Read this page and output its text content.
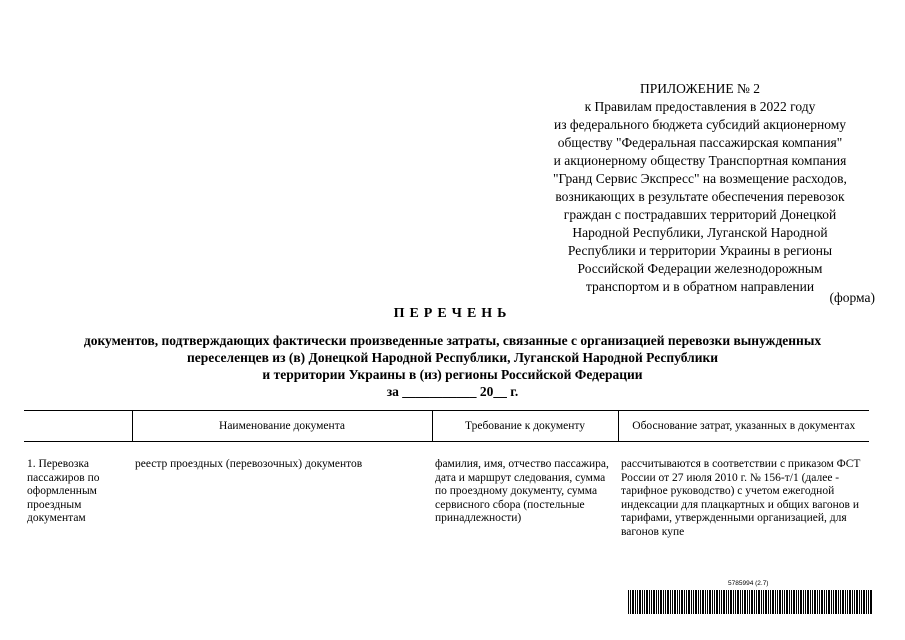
ПРИЛОЖЕНИЕ № 2
к Правилам предоставления в 2022 году
из федерального бюджета субсидий акционерному
обществу "Федеральная пассажирская компания"
и акционерному обществу Транспортная компания
"Гранд Сервис Экспресс" на возмещение расходов,
возникающих в результате обеспечения перевозок
граждан с пострадавших территорий Донецкой
Народной Республики, Луганской Народной
Республики и территории Украины в регионы
Российской Федерации железнодорожным
транспортом и в обратном направлении
(форма)
ПЕРЕЧЕНЬ
документов, подтверждающих фактически произведенные затраты, связанные с организацией перевозки вынужденных
переселенцев из (в) Донецкой Народной Республики, Луганской Народной Республики
и территории Украины в (из) регионы Российской Федерации
за ___________ 20__ г.
	Наименование документа	Требование к документу	Обоснование затрат, указанных в документах
1. Перевозка пассажиров по оформленным проездным документам	реестр проездных (перевозочных) документов	фамилия, имя, отчество пассажира, дата и маршрут следования, сумма по проездному документу, сумма сервисного сбора (постельные принадлежности)	рассчитываются в соответствии с приказом ФСТ России от 27 июля 2010 г. № 156-т/1 (далее - тарифное руководство) с учетом ежегодной индексации для плацкартных и общих вагонов и тарифами, утвержденными организацией, для вагонов купе
5785994 (2.7)
